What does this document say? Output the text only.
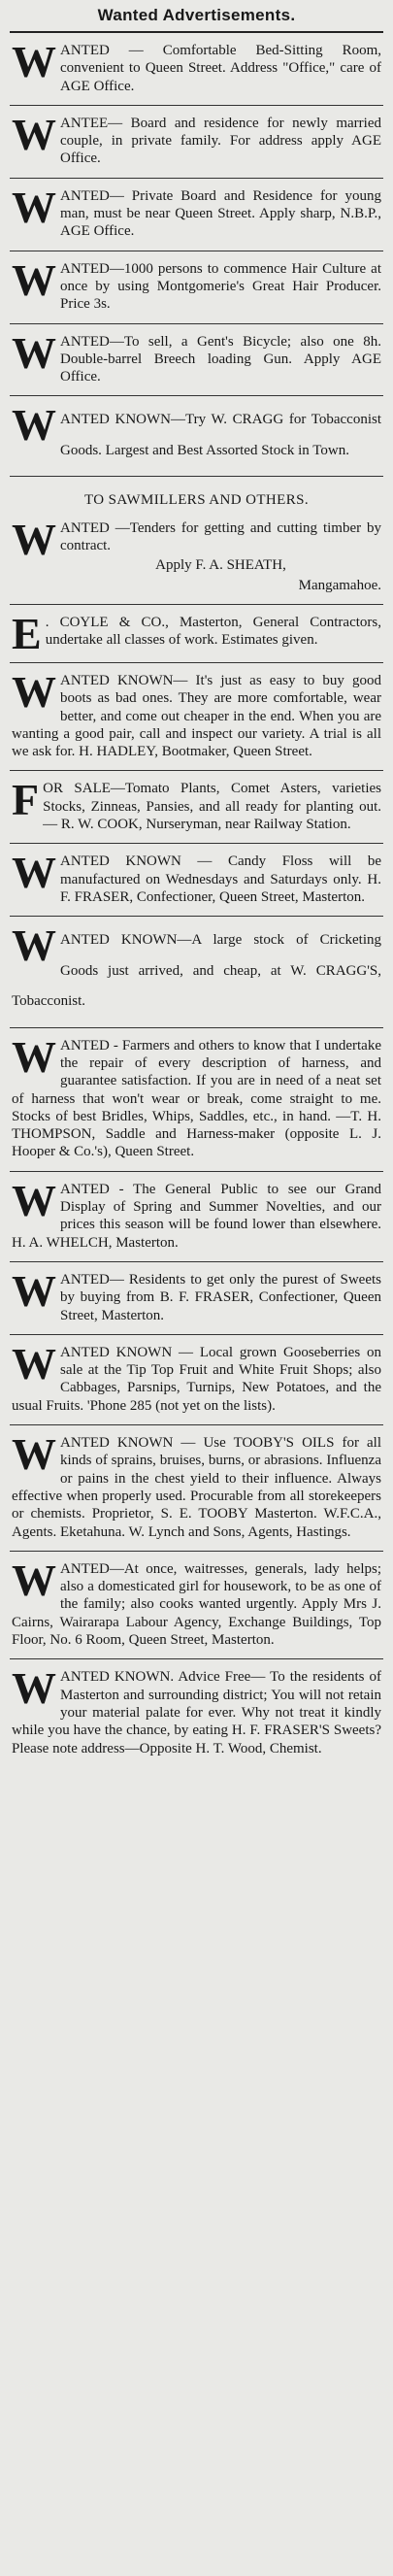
Wanted Advertisements.
W ANTED — Comfortable Bed-Sitting Room, convenient to Queen Street. Address "Office," care of AGE Office.
W ANTEE— Board and residence for newly married couple, in private family. For address apply AGE Office.
W ANTED— Private Board and Residence for young man, must be near Queen Street. Apply sharp, N.B.P., AGE Office.
W ANTED—1000 persons to commence Hair Culture at once by using Montgomerie's Great Hair Producer. Price 3s.
W ANTED—To sell, a Gent's Bicycle; also one 8h. Double-barrel Breech loading Gun. Apply AGE Office.
W ANTED KNOWN—Try W. CRAGG for Tobacconist Goods. Largest and Best Assorted Stock in Town.
TO SAWMILLERS AND OTHERS.
W ANTED —Tenders for getting and cutting timber by contract.
Apply F. A. SHEATH,
Mangamahoe.
E . COYLE & CO., Masterton, General Contractors, undertake all classes of work. Estimates given.
W ANTED KNOWN— It's just as easy to buy good boots as bad ones. They are more comfortable, wear better, and come out cheaper in the end. When you are wanting a good pair, call and inspect our variety. A trial is all we ask for. H. HADLEY, Bootmaker, Queen Street.
F OR SALE—Tomato Plants, Comet Asters, varieties Stocks, Zinneas, Pansies, and all ready for planting out. — R. W. COOK, Nurseryman, near Railway Station.
W ANTED KNOWN — Candy Floss will be manufactured on Wednesdays and Saturdays only. H. F. FRASER, Confectioner, Queen Street, Masterton.
W ANTED KNOWN—A large stock of Cricketing Goods just arrived, and cheap, at W. CRAGG'S, Tobacconist.
W ANTED - Farmers and others to know that I undertake the repair of every description of harness, and guarantee satisfaction. If you are in need of a neat set of harness that won't wear or break, come straight to me. Stocks of best Bridles, Whips, Saddles, etc., in hand. —T. H. THOMPSON, Saddle and Harness-maker (opposite L. J. Hooper & Co.'s), Queen Street.
W ANTED - The General Public to see our Grand Display of Spring and Summer Novelties, and our prices this season will be found lower than elsewhere. H. A. WHELCH, Masterton.
W ANTED— Residents to get only the purest of Sweets by buying from B. F. FRASER, Confectioner, Queen Street, Masterton.
W ANTED KNOWN — Local grown Gooseberries on sale at the Tip Top Fruit and White Fruit Shops; also Cabbages, Parsnips, Turnips, New Potatoes, and the usual Fruits. 'Phone 285 (not yet on the lists).
W ANTED KNOWN — Use TOOBY'S OILS for all kinds of sprains, bruises, burns, or abrasions. Influenza or pains in the chest yield to their influence. Always effective when properly used. Procurable from all storekeepers or chemists. Proprietor, S. E. TOOBY Masterton. W.F.C.A., Agents. Eketahuna. W. Lynch and Sons, Agents, Hastings.
W ANTED—At once, waitresses, generals, lady helps; also a domesticated girl for housework, to be as one of the family; also cooks wanted urgently. Apply Mrs J. Cairns, Wairarapa Labour Agency, Exchange Buildings, Top Floor, No. 6 Room, Queen Street, Masterton.
W ANTED KNOWN. Advice Free— To the residents of Masterton and surrounding district; You will not retain your material palate for ever. Why not treat it kindly while you have the chance, by eating H. F. FRASER'S Sweets? Please note address—Opposite H. T. Wood, Chemist.
